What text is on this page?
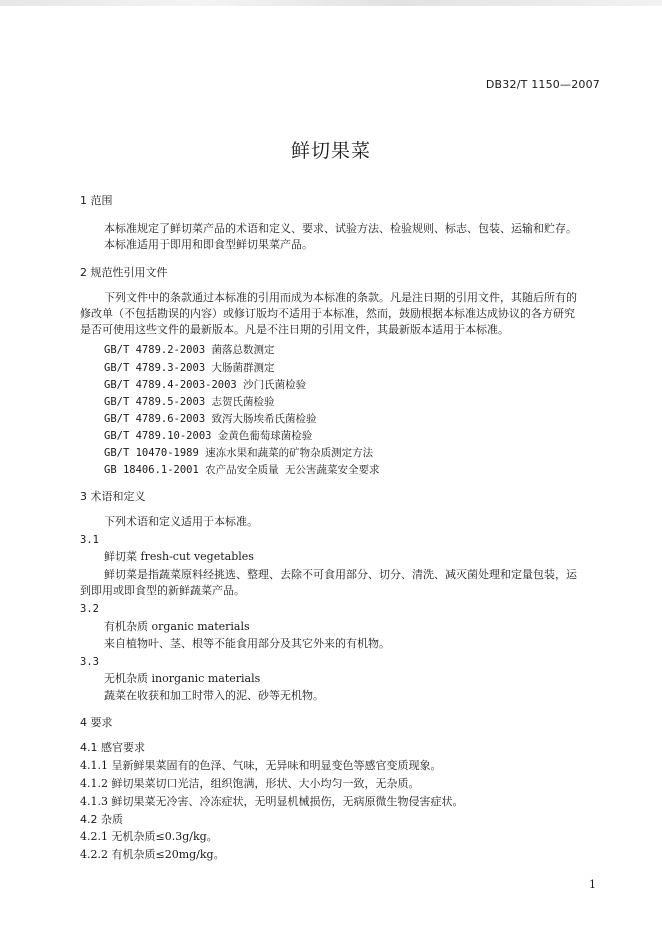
DB32/T 1150—2007
鲜切果菜
1 范围
本标准规定了鲜切菜产品的术语和定义、要求、试验方法、检验规则、标志、包装、运输和贮存。
本标准适用于即用和即食型鲜切果菜产品。
2 规范性引用文件
下列文件中的条款通过本标准的引用而成为本标准的条款。凡是注日期的引用文件，其随后所有的
修改单（不包括勘误的内容）或修订版均不适用于本标准，然而，鼓励根据本标准达成协议的各方研究
是否可使用这些文件的最新版本。凡是不注日期的引用文件，其最新版本适用于本标准。
GB/T 4789.2-2003 菌落总数测定
GB/T 4789.3-2003 大肠菌群测定
GB/T 4789.4-2003-2003 沙门氏菌检验
GB/T 4789.5-2003 志贺氏菌检验
GB/T 4789.6-2003 致泻大肠埃希氏菌检验
GB/T 4789.10-2003 金黄色葡萄球菌检验
GB/T 10470-1989 速冻水果和蔬菜的矿物杂质测定方法
GB 18406.1-2001 农产品安全质量 无公害蔬菜安全要求
3 术语和定义
下列术语和定义适用于本标准。
3.1
鲜切菜 fresh-cut vegetables
鲜切菜是指蔬菜原料经挑选、整理、去除不可食用部分、切分、清洗、减灭菌处理和定量包装，运
到即用或即食型的新鲜蔬菜产品。
3.2
有机杂质 organic materials
来自植物叶、茎、根等不能食用部分及其它外来的有机物。
3.3
无机杂质 inorganic materials
蔬菜在收获和加工时带入的泥、砂等无机物。
4 要求
4.1 感官要求
4.1.1 呈新鲜果菜固有的色泽、气味，无异味和明显变色等感官变质现象。
4.1.2 鲜切果菜切口光洁，组织饱满，形状、大小均匀一致，无杂质。
4.1.3 鲜切果菜无冷害、冷冻症状，无明显机械损伤，无病原微生物侵害症状。
4.2 杂质
4.2.1 无机杂质≤0.3g/kg。
4.2.2 有机杂质≤20mg/kg。
1
